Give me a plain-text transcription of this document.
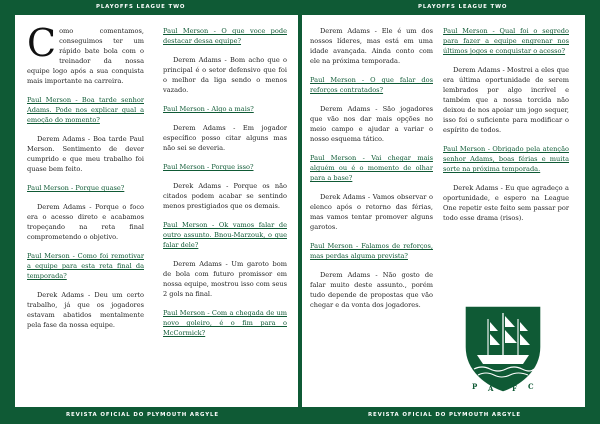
PLAYOFFS LEAGUE TWO	PLAYOFFS LEAGUE TWO

Como comentamos, conseguimos ter um rápido bate bola com o treinador da nossa equipe logo após a sua conquista mais importante na carreira.

Paul Merson - Boa tarde senhor Adams. Pode nos explicar qual a emoção do momento?

Derem Adams - Boa tarde Paul Merson. Sentimento de dever cumprido e que meu trabalho foi quase bem feito.

Paul Merson - Porque quase?

Derem Adams - Porque o foco era o acesso direto e acabamos tropeçando na reta final comprometendo o objetivo.

Paul Merson - Como foi remotivar a equipe para esta reta final da temporada?

Derek Adams - Deu um certo trabalho, já que os jogadores estavam abatidos mentalmente pela fase da nossa equipe.

Paul Merson - O que voce pode destacar dessa equipe?

Derem Adams - Bom acho que o principal é o setor defensivo que foi o melhor da liga sendo o menos vazado.

Paul Merson - Algo a mais?

Derem Adams - Em jogador específico posso citar alguns mas não sei se deveria.

Paul Merson - Porque isso?

Derek Adams - Porque os não citados podem acabar se sentindo menos prestigiados que os demais.

Paul Merson - Ok vamos falar de outro assunto. Bnou-Marzouk, o que falar dele?

Derem Adams - Um garoto bom de bola com futuro promissor em nossa equipe, mostrou isso com seus 2 gols na final.

Paul Merson - Com a chegada de um novo goleiro, é o fim para o McCormick?

Derem Adams - Ele é um dos nossos líderes, mas está em uma idade avançada. Ainda conto com ele na próxima temporada.

Paul Merson - O que falar dos reforços contratados?

Derem Adams - São jogadores que vão nos dar mais opções no meio campo e ajudar a variar o nosso esquema tático.

Paul Merson - Vai chegar mais alguém ou é o momento de olhar para a base?

Derek Adams - Vamos observar o elenco após o retorno das férias, mas vamos tentar promover alguns garotos.

Paul Merson - Falamos de reforços, mas perdas alguma prevista?

Derem Adams - Não gosto de falar muito deste assunto., porém tudo depende de propostas que vão chegar e da vonta dos jogadores.

Paul Merson - Qual foi o segredo para fazer a equipe engrenar nos últimos jogos e conquistar o acesso?

Derem Adams - Mostrei a eles que era última oportunidade de serem lembrados por algo incrível e também que a nossa torcida não deixou de nos apoiar um jogo sequer, isso foi o suficiente para modificar o espírito de todos.

Paul Merson - Obrigado pela atenção senhor Adams, boas férias e muita sorte na próxima temporada.

Derek Adams - Eu que agradeço a oportunidade, e espero na League One repetir este feito sem passar por todo esse drama (risos).

P A	F C
REVISTA OFICIAL DO PLYMOUTH ARGYLE	REVISTA OFICIAL DO PLYMOUTH ARGYLE
